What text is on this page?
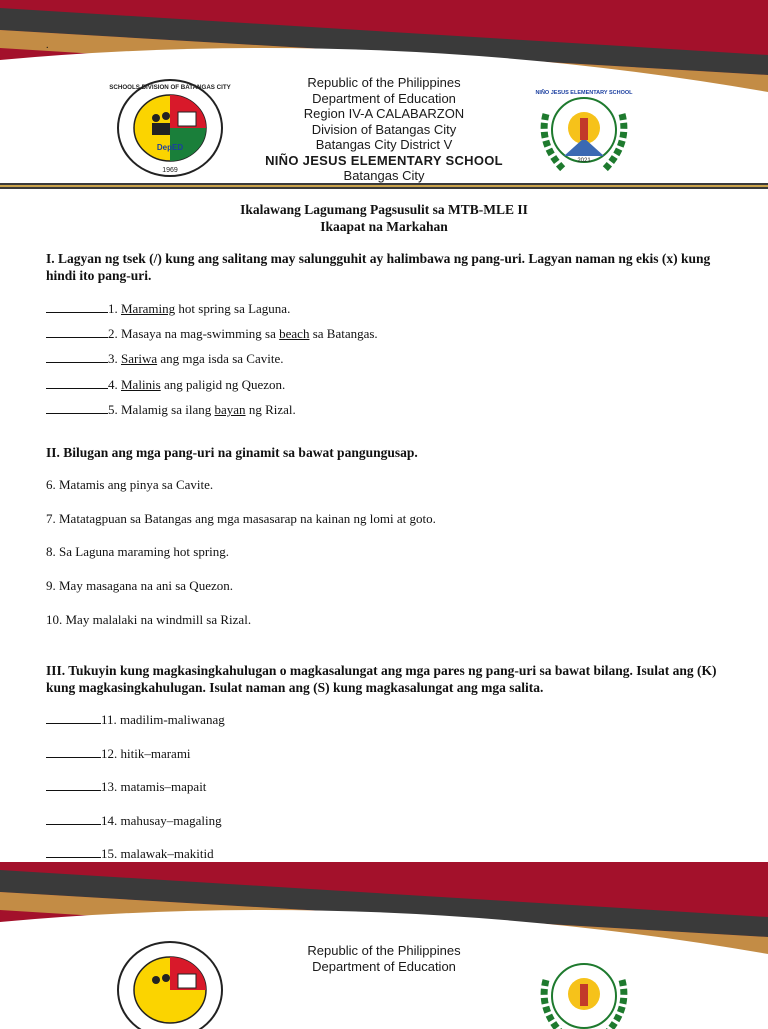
.
DepED
1969
SCHOOLS DIVISION OF BATANGAS CITY
2021
NIÑO JESUS ELEMENTARY SCHOOL
Republic of the Philippines
Department of Education
Region IV-A CALABARZON
Division of Batangas City
Batangas City District V
NIÑO JESUS ELEMENTARY SCHOOL
Batangas City
Ikalawang Lagumang Pagsusulit sa MTB-MLE II
Ikaapat na Markahan
I. Lagyan ng tsek (/) kung ang salitang may salungguhit ay halimbawa ng pang-uri. Lagyan naman ng ekis (x) kung hindi ito pang-uri.
1. Maraming hot spring sa Laguna.
2. Masaya na mag-swimming sa beach sa Batangas.
3. Sariwa ang mga isda sa Cavite.
4. Malinis ang paligid ng Quezon.
5. Malamig sa ilang bayan ng Rizal.
II. Bilugan ang mga pang-uri na ginamit sa bawat pangungusap.
6. Matamis ang pinya sa Cavite.
7. Matatagpuan sa Batangas ang mga masasarap na kainan ng lomi at goto.
8. Sa Laguna maraming hot spring.
9. May masagana na ani sa Quezon.
10. May malalaki na windmill sa Rizal.
III. Tukuyin kung magkasingkahulugan o magkasalungat ang mga pares ng pang-uri sa bawat bilang. Isulat ang (K) kung magkasingkahulugan. Isulat naman ang (S) kung magkasalungat ang mga salita.
11. madilim-maliwanag
12. hitik–marami
13. matamis–mapait
14. mahusay–magaling
15. malawak–makitid
Republic of the Philippines
Department of Education
